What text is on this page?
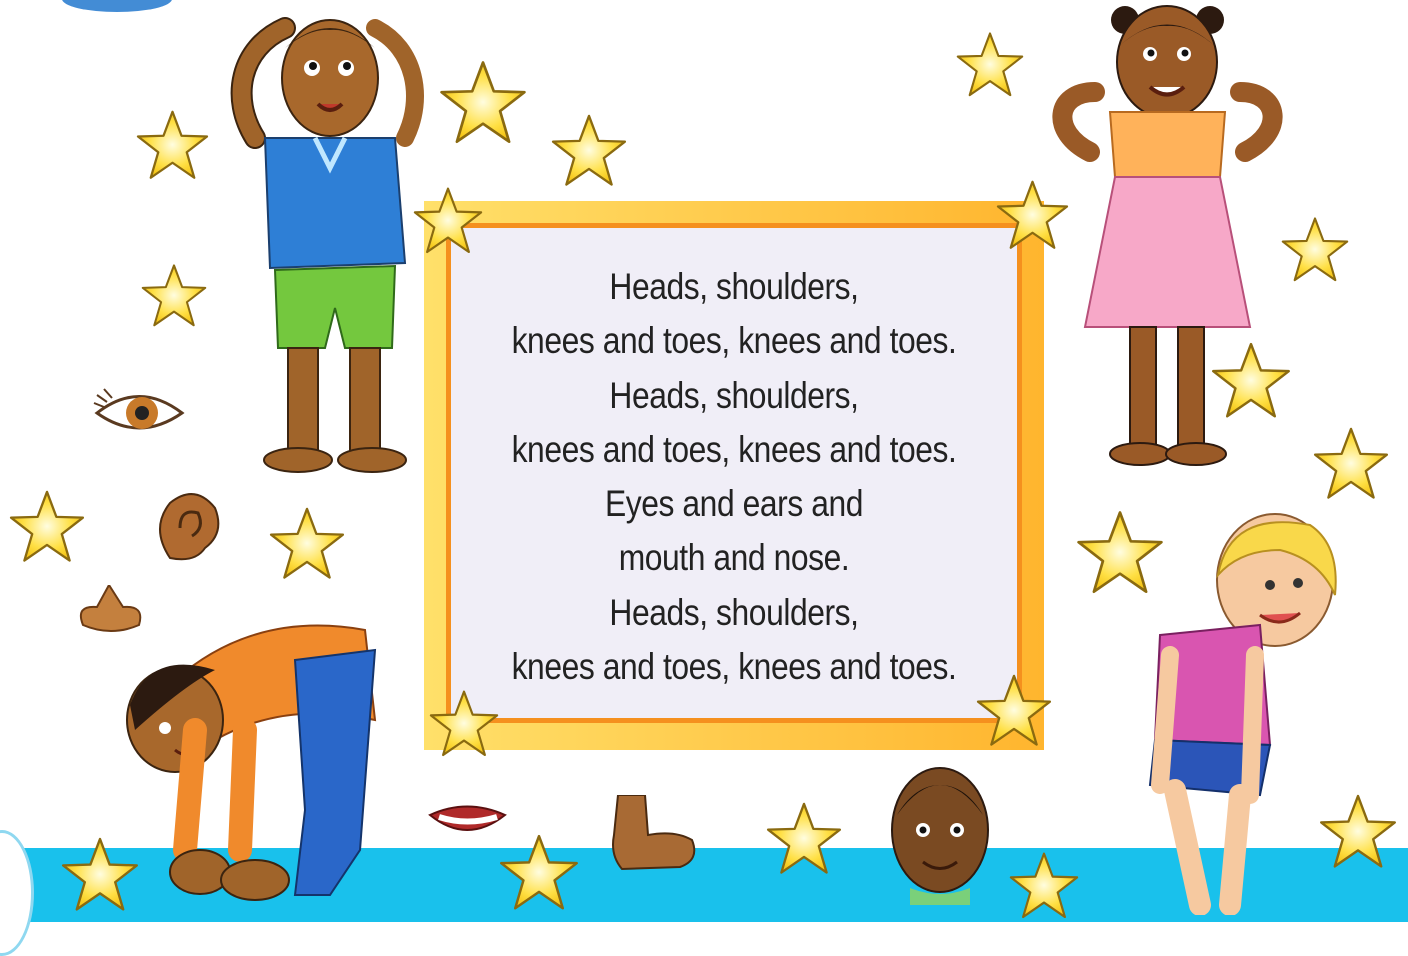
Heads, shoulders,
knees and toes, knees and toes.
Heads, shoulders,
knees and toes, knees and toes.
Eyes and ears and
mouth and nose.
Heads, shoulders,
knees and toes, knees and toes.
